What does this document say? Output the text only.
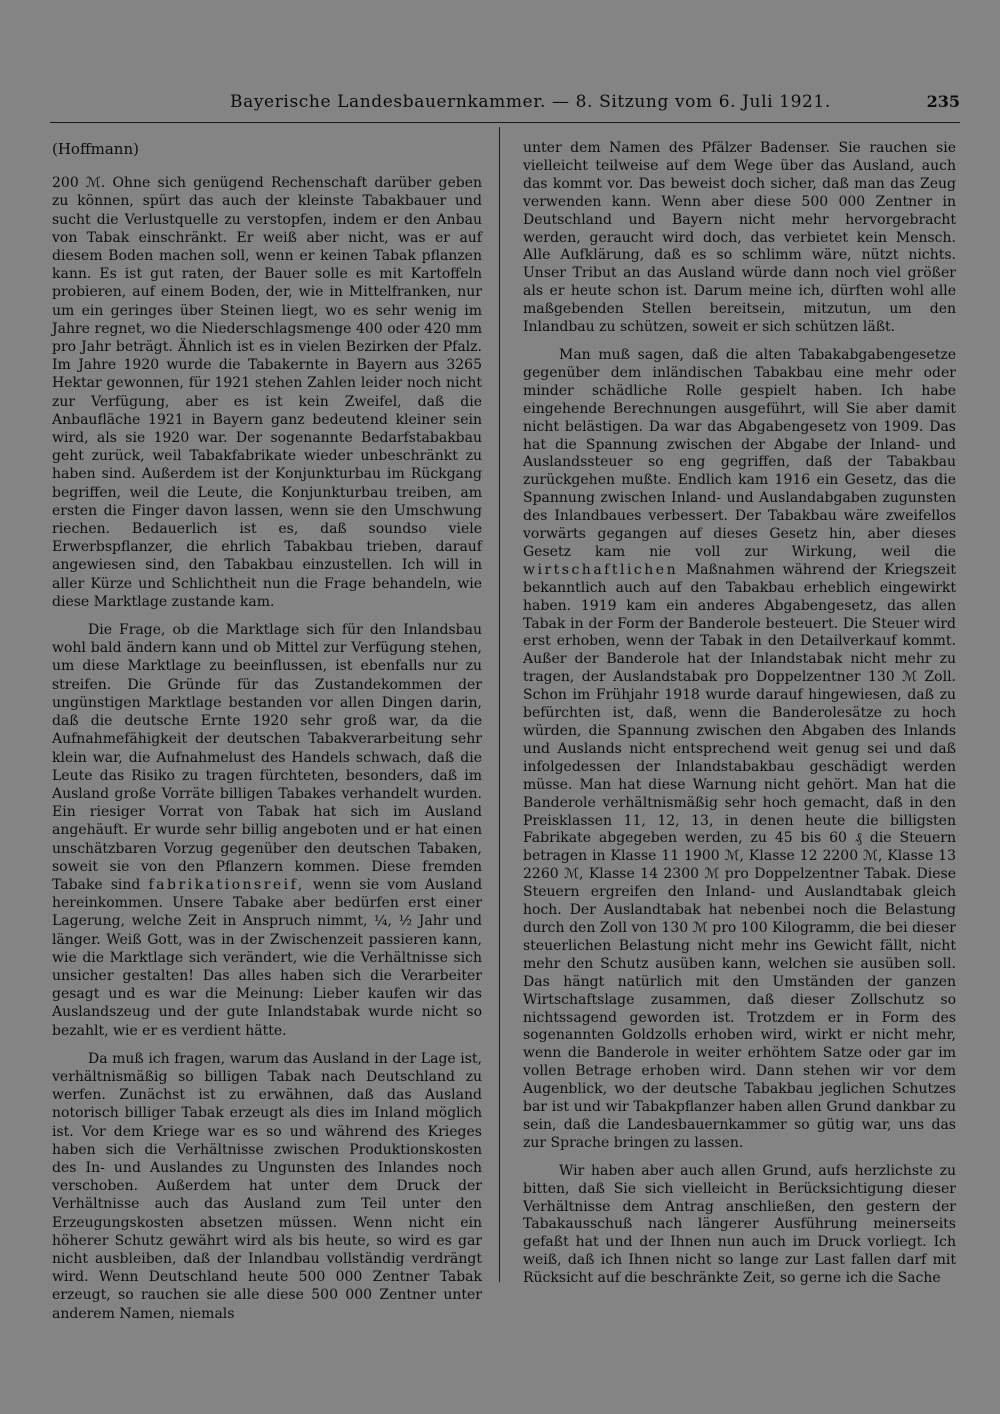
Bayerische Landesbauernkammer. — 8. Sitzung vom 6. Juli 1921.	235
(Hoffmann)

200 ℳ. Ohne sich genügend Rechenschaft darüber geben zu können, spürt das auch der kleinste Tabakbauer und sucht die Verlustquelle zu verstopfen, indem er den Anbau von Tabak einschränkt. Er weiß aber nicht, was er auf diesem Boden machen soll, wenn er keinen Tabak pflanzen kann. Es ist gut raten, der Bauer solle es mit Kartoffeln probieren, auf einem Boden, der, wie in Mittelfranken, nur um ein geringes über Steinen liegt, wo es sehr wenig im Jahre regnet, wo die Niederschlagsmenge 400 oder 420 mm pro Jahr beträgt. Ähnlich ist es in vielen Bezirken der Pfalz. Im Jahre 1920 wurde die Tabakernte in Bayern aus 3265 Hektar gewonnen, für 1921 stehen Zahlen leider noch nicht zur Verfügung, aber es ist kein Zweifel, daß die Anbaufläche 1921 in Bayern ganz bedeutend kleiner sein wird, als sie 1920 war. Der sogenannte Bedarfstabakbau geht zurück, weil Tabakfabrikate wieder unbeschränkt zu haben sind. Außerdem ist der Konjunkturbau im Rückgang begriffen, weil die Leute, die Konjunkturbau treiben, am ersten die Finger davon lassen, wenn sie den Umschwung riechen. Bedauerlich ist es, daß soundso viele Erwerbspflanzer, die ehrlich Tabakbau trieben, darauf angewiesen sind, den Tabakbau einzustellen. Ich will in aller Kürze und Schlichtheit nun die Frage behandeln, wie diese Marktlage zustande kam.

Die Frage, ob die Marktlage sich für den Inlandsbau wohl bald ändern kann und ob Mittel zur Verfügung stehen, um diese Marktlage zu beeinflussen, ist ebenfalls nur zu streifen. Die Gründe für das Zustandekommen der ungünstigen Marktlage bestanden vor allen Dingen darin, daß die deutsche Ernte 1920 sehr groß war, da die Aufnahmefähigkeit der deutschen Tabakverarbeitung sehr klein war, die Aufnahmelust des Handels schwach, daß die Leute das Risiko zu tragen fürchteten, besonders, daß im Ausland große Vorräte billigen Tabakes verhandelt wurden. Ein riesiger Vorrat von Tabak hat sich im Ausland angehäuft. Er wurde sehr billig angeboten und er hat einen unschätzbaren Vorzug gegenüber den deutschen Tabaken, soweit sie von den Pflanzern kommen. Diese fremden Tabake sind fabrikationsreif, wenn sie vom Ausland hereinkommen. Unsere Tabake aber bedürfen erst einer Lagerung, welche Zeit in Anspruch nimmt, ¼, ½ Jahr und länger. Weiß Gott, was in der Zwischenzeit passieren kann, wie die Marktlage sich verändert, wie die Verhältnisse sich unsicher gestalten! Das alles haben sich die Verarbeiter gesagt und es war die Meinung: Lieber kaufen wir das Auslandszeug und der gute Inlandstabak wurde nicht so bezahlt, wie er es verdient hätte.

Da muß ich fragen, warum das Ausland in der Lage ist, verhältnismäßig so billigen Tabak nach Deutschland zu werfen. Zunächst ist zu erwähnen, daß das Ausland notorisch billiger Tabak erzeugt als dies im Inland möglich ist. Vor dem Kriege war es so und während des Krieges haben sich die Verhältnisse zwischen Produktionskosten des In- und Auslandes zu Ungunsten des Inlandes noch verschoben. Außerdem hat unter dem Druck der Verhältnisse auch das Ausland zum Teil unter den Erzeugungskosten absetzen müssen. Wenn nicht ein höherer Schutz gewährt wird als bis heute, so wird es gar nicht ausbleiben, daß der Inlandbau vollständig verdrängt wird. Wenn Deutschland heute 500 000 Zentner Tabak erzeugt, so rauchen sie alle diese 500 000 Zentner unter anderem Namen, niemals

unter dem Namen des Pfälzer Badenser. Sie rauchen sie vielleicht teilweise auf dem Wege über das Ausland, auch das kommt vor. Das beweist doch sicher, daß man das Zeug verwenden kann. Wenn aber diese 500 000 Zentner in Deutschland und Bayern nicht mehr hervorgebracht werden, geraucht wird doch, das verbietet kein Mensch. Alle Aufklärung, daß es so schlimm wäre, nützt nichts. Unser Tribut an das Ausland würde dann noch viel größer als er heute schon ist. Darum meine ich, dürften wohl alle maßgebenden Stellen bereitsein, mitzutun, um den Inlandbau zu schützen, soweit er sich schützen läßt.

Man muß sagen, daß die alten Tabakabgabengesetze gegenüber dem inländischen Tabakbau eine mehr oder minder schädliche Rolle gespielt haben. Ich habe eingehende Berechnungen ausgeführt, will Sie aber damit nicht belästigen. Da war das Abgabengesetz von 1909. Das hat die Spannung zwischen der Abgabe der Inland- und Auslandssteuer so eng gegriffen, daß der Tabakbau zurückgehen mußte. Endlich kam 1916 ein Gesetz, das die Spannung zwischen Inland- und Auslandabgaben zugunsten des Inlandbaues verbessert. Der Tabakbau wäre zweifellos vorwärts gegangen auf dieses Gesetz hin, aber dieses Gesetz kam nie voll zur Wirkung, weil die wirtschaftlichen Maßnahmen während der Kriegszeit bekanntlich auch auf den Tabakbau erheblich eingewirkt haben. 1919 kam ein anderes Abgabengesetz, das allen Tabak in der Form der Banderole besteuert. Die Steuer wird erst erhoben, wenn der Tabak in den Detailverkauf kommt. Außer der Banderole hat der Inlandstabak nicht mehr zu tragen, der Auslandstabak pro Doppelzentner 130 ℳ Zoll. Schon im Frühjahr 1918 wurde darauf hingewiesen, daß zu befürchten ist, daß, wenn die Banderolesätze zu hoch würden, die Spannung zwischen den Abgaben des Inlands und Auslands nicht entsprechend weit genug sei und daß infolgedessen der Inlandstabakbau geschädigt werden müsse. Man hat diese Warnung nicht gehört. Man hat die Banderole verhältnismäßig sehr hoch gemacht, daß in den Preisklassen 11, 12, 13, in denen heute die billigsten Fabrikate abgegeben werden, zu 45 bis 60 ₰ die Steuern betragen in Klasse 11 1900 ℳ, Klasse 12 2200 ℳ, Klasse 13 2260 ℳ, Klasse 14 2300 ℳ pro Doppelzentner Tabak. Diese Steuern ergreifen den Inland- und Auslandtabak gleich hoch. Der Auslandtabak hat nebenbei noch die Belastung durch den Zoll von 130 ℳ pro 100 Kilogramm, die bei dieser steuerlichen Belastung nicht mehr ins Gewicht fällt, nicht mehr den Schutz ausüben kann, welchen sie ausüben soll. Das hängt natürlich mit den Umständen der ganzen Wirtschaftslage zusammen, daß dieser Zollschutz so nichtssagend geworden ist. Trotzdem er in Form des sogenannten Goldzolls erhoben wird, wirkt er nicht mehr, wenn die Banderole in weiter erhöhtem Satze oder gar im vollen Betrage erhoben wird. Dann stehen wir vor dem Augenblick, wo der deutsche Tabakbau jeglichen Schutzes bar ist und wir Tabakpflanzer haben allen Grund dankbar zu sein, daß die Landesbauernkammer so gütig war, uns das zur Sprache bringen zu lassen.

Wir haben aber auch allen Grund, aufs herzlichste zu bitten, daß Sie sich vielleicht in Berücksichtigung dieser Verhältnisse dem Antrag anschließen, den gestern der Tabakausschuß nach längerer Ausführung meinerseits gefaßt hat und der Ihnen nun auch im Druck vorliegt. Ich weiß, daß ich Ihnen nicht so lange zur Last fallen darf mit Rücksicht auf die beschränkte Zeit, so gerne ich die Sache
